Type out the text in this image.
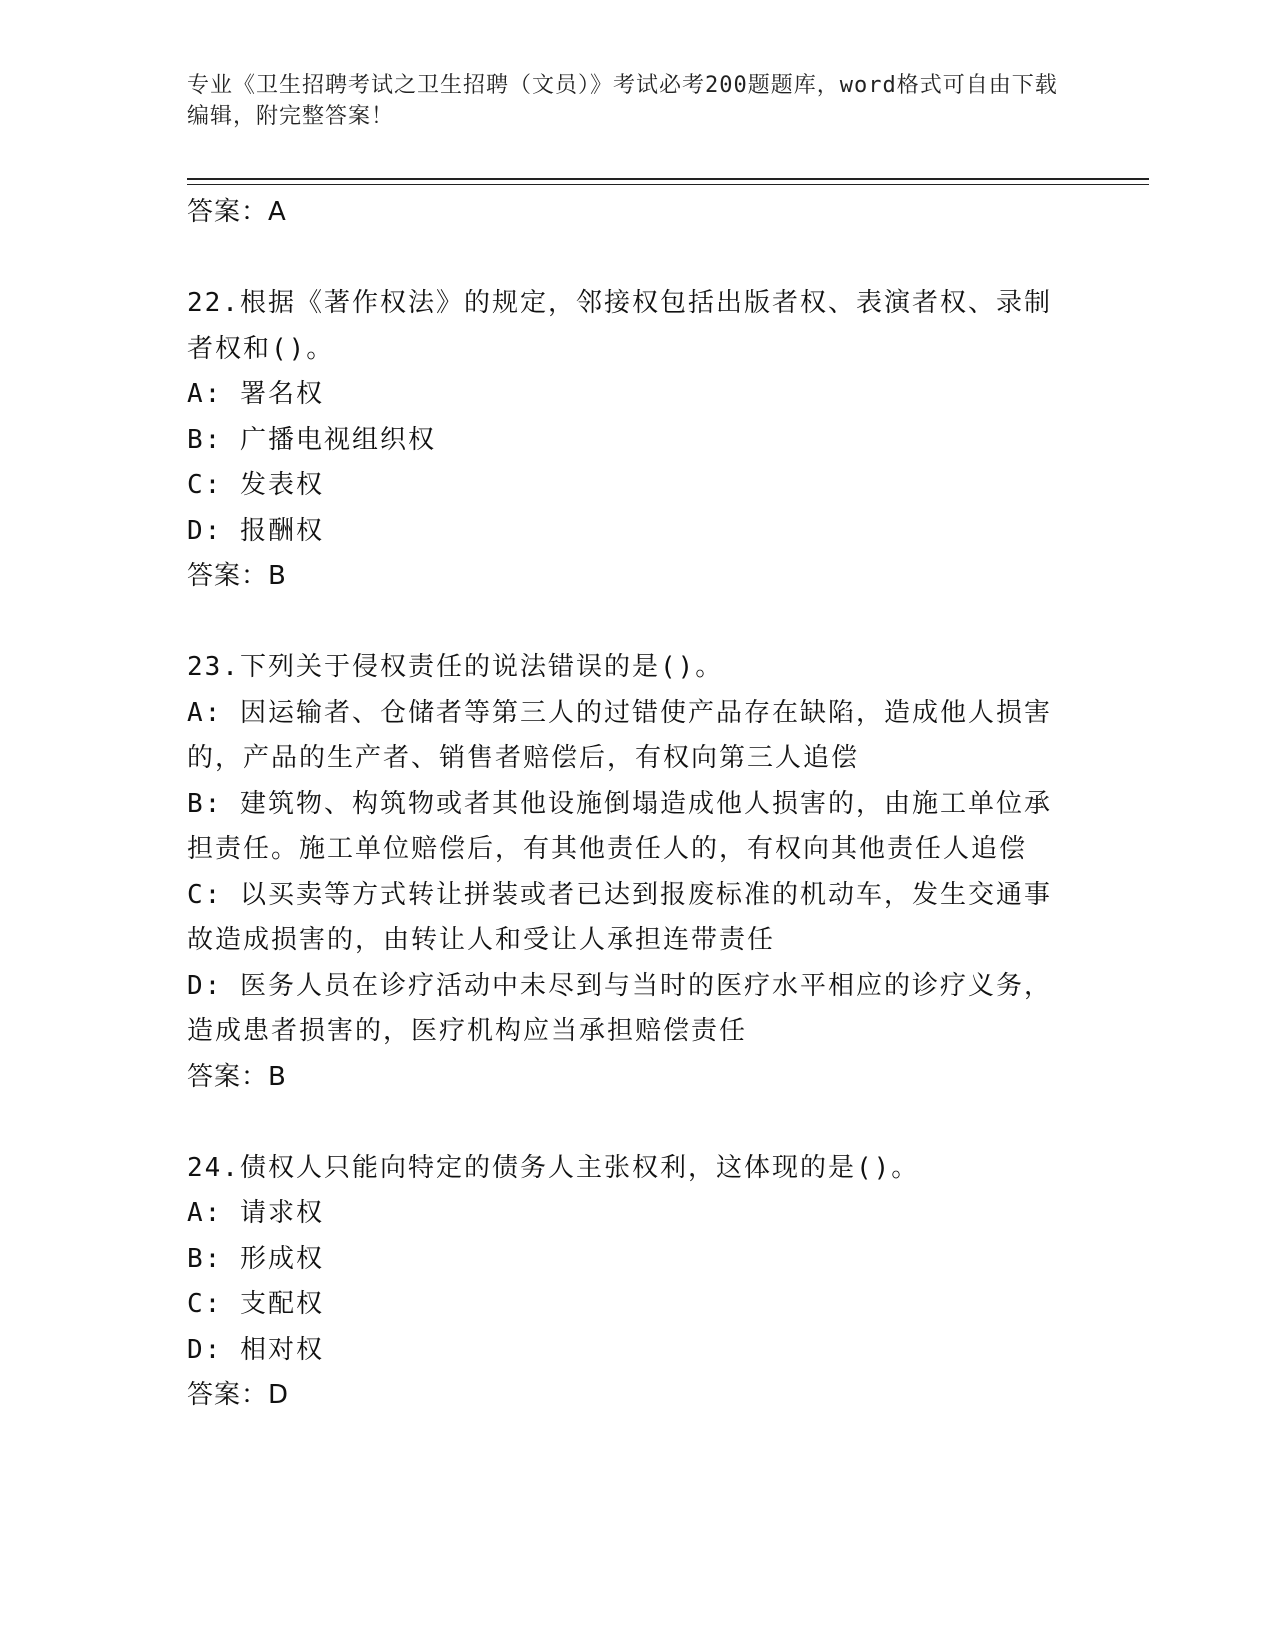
专业《卫生招聘考试之卫生招聘（文员）》考试必考200题题库，word格式可自由下载编辑，附完整答案！
答案：A
22.根据《著作权法》的规定，邻接权包括出版者权、表演者权、录制者权和()。
A: 署名权
B: 广播电视组织权
C: 发表权
D: 报酬权
答案：B
23.下列关于侵权责任的说法错误的是()。
A: 因运输者、仓储者等第三人的过错使产品存在缺陷，造成他人损害的，产品的生产者、销售者赔偿后，有权向第三人追偿
B: 建筑物、构筑物或者其他设施倒塌造成他人损害的，由施工单位承担责任。施工单位赔偿后，有其他责任人的，有权向其他责任人追偿
C: 以买卖等方式转让拼装或者已达到报废标准的机动车，发生交通事故造成损害的，由转让人和受让人承担连带责任
D: 医务人员在诊疗活动中未尽到与当时的医疗水平相应的诊疗义务，造成患者损害的，医疗机构应当承担赔偿责任
答案：B
24.债权人只能向特定的债务人主张权利，这体现的是()。
A: 请求权
B: 形成权
C: 支配权
D: 相对权
答案：D
